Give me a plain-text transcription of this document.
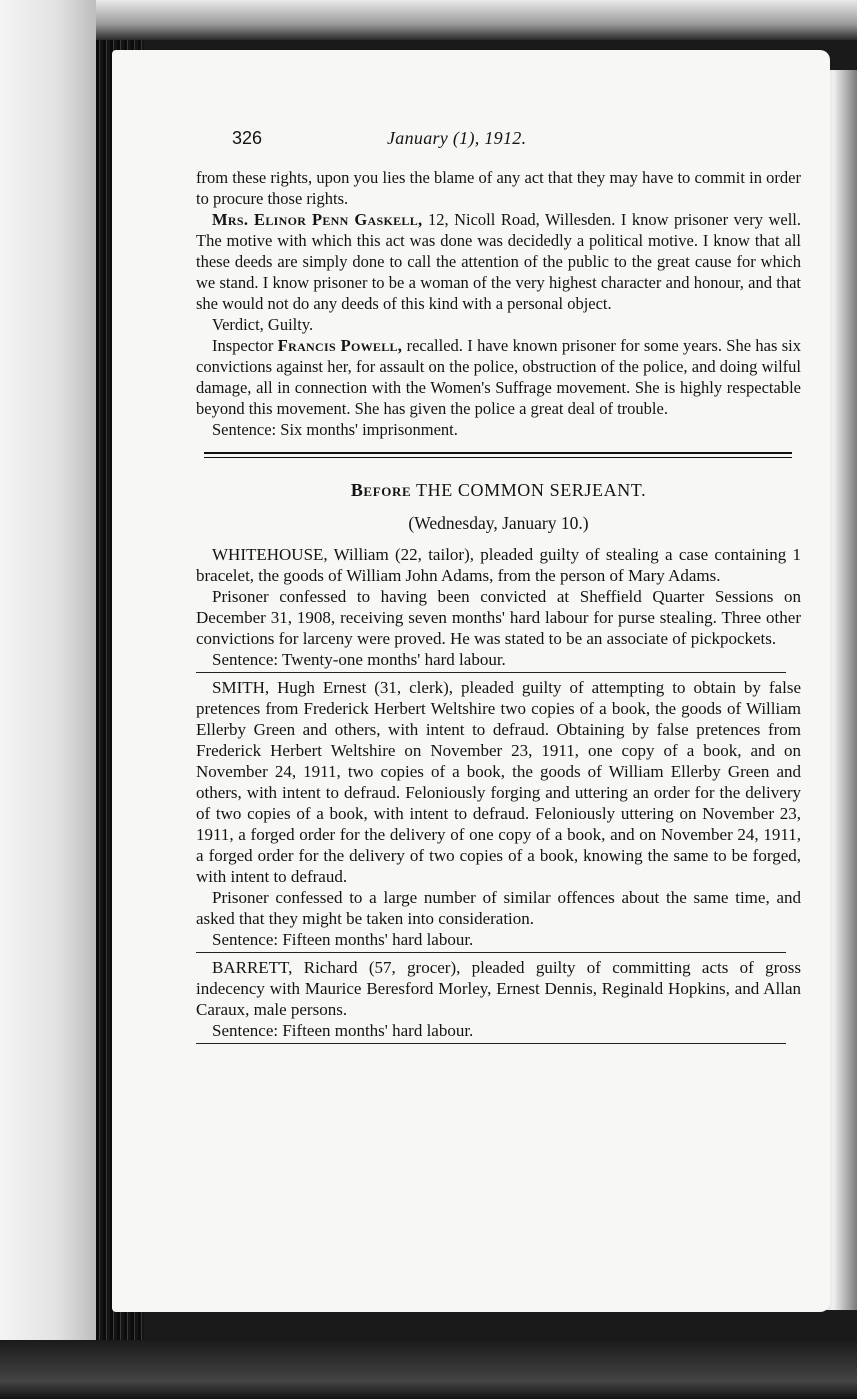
326	January (1), 1912.

from these rights, upon you lies the blame of any act that they may have to commit in order to procure those rights.

Mrs. Elinor Penn Gaskell, 12, Nicoll Road, Willesden. I know prisoner very well. The motive with which this act was done was decidedly a political motive. I know that all these deeds are simply done to call the attention of the public to the great cause for which we stand. I know prisoner to be a woman of the very highest character and honour, and that she would not do any deeds of this kind with a personal object.

Verdict, Guilty.

Inspector Francis Powell, recalled. I have known prisoner for some years. She has six convictions against her, for assault on the police, obstruction of the police, and doing wilful damage, all in connection with the Women's Suffrage movement. She is highly respectable beyond this movement. She has given the police a great deal of trouble.

Sentence: Six months' imprisonment.

Before THE COMMON SERJEANT.
(Wednesday, January 10.)

WHITEHOUSE, William (22, tailor), pleaded guilty of stealing a case containing 1 bracelet, the goods of William John Adams, from the person of Mary Adams.

Prisoner confessed to having been convicted at Sheffield Quarter Sessions on December 31, 1908, receiving seven months' hard labour for purse stealing. Three other convictions for larceny were proved. He was stated to be an associate of pickpockets.

Sentence: Twenty-one months' hard labour.

SMITH, Hugh Ernest (31, clerk), pleaded guilty of attempting to obtain by false pretences from Frederick Herbert Weltshire two copies of a book, the goods of William Ellerby Green and others, with intent to defraud. Obtaining by false pretences from Frederick Herbert Weltshire on November 23, 1911, one copy of a book, and on November 24, 1911, two copies of a book, the goods of William Ellerby Green and others, with intent to defraud. Feloniously forging and uttering an order for the delivery of two copies of a book, with intent to defraud. Feloniously uttering on November 23, 1911, a forged order for the delivery of one copy of a book, and on November 24, 1911, a forged order for the delivery of two copies of a book, knowing the same to be forged, with intent to defraud.

Prisoner confessed to a large number of similar offences about the same time, and asked that they might be taken into consideration.

Sentence: Fifteen months' hard labour.

BARRETT, Richard (57, grocer), pleaded guilty of committing acts of gross indecency with Maurice Beresford Morley, Ernest Dennis, Reginald Hopkins, and Allan Caraux, male persons.

Sentence: Fifteen months' hard labour.
